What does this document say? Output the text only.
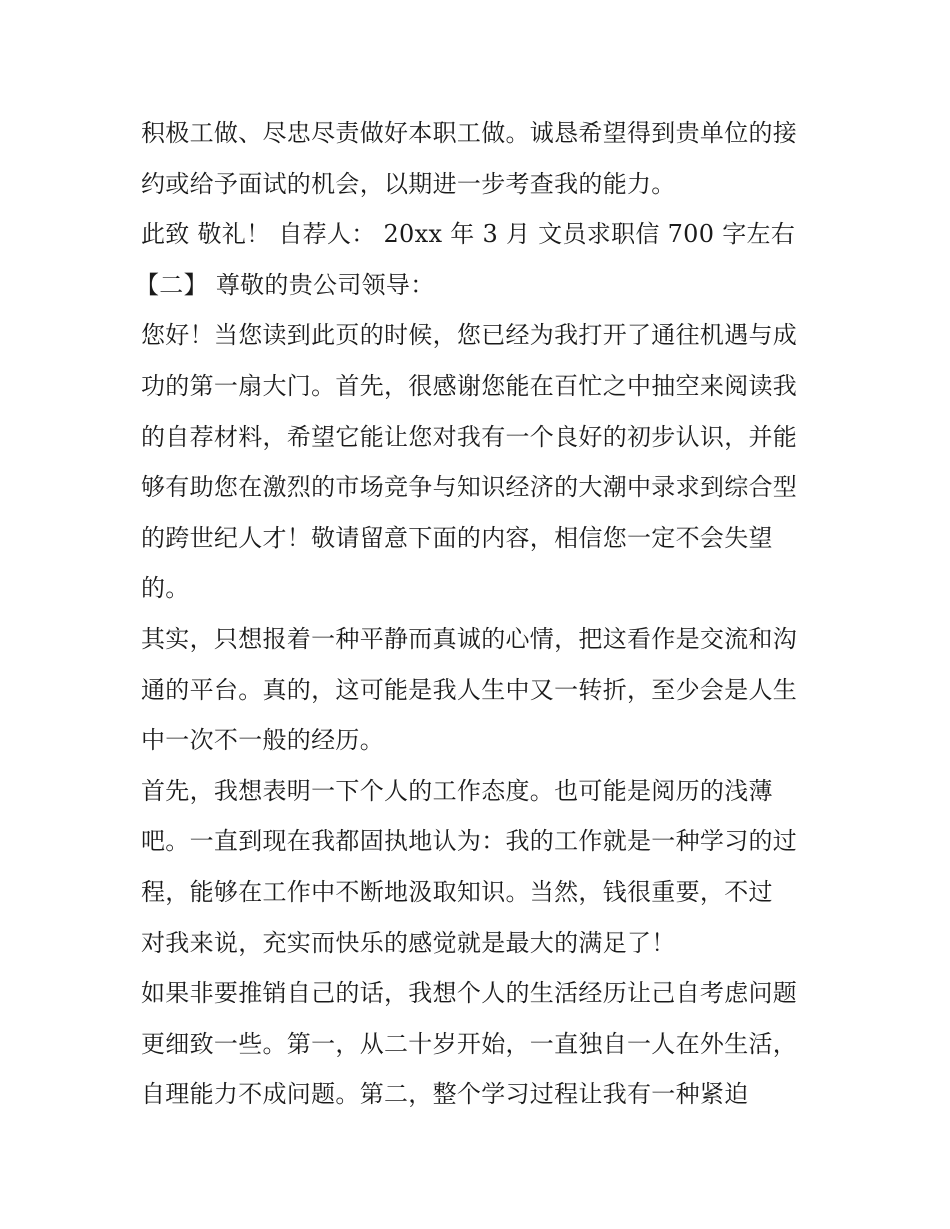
积极工做、尽忠尽责做好本职工做。诚恳希望得到贵单位的接
约或给予面试的机会，以期进一步考查我的能力。
此致 敬礼！ 自荐人： 20xx 年 3 月 文员求职信 700 字左右
【二】 尊敬的贵公司领导：
您好！当您读到此页的时候，您已经为我打开了通往机遇与成
功的第一扇大门。首先，很感谢您能在百忙之中抽空来阅读我
的自荐材料，希望它能让您对我有一个良好的初步认识，并能
够有助您在激烈的市场竞争与知识经济的大潮中录求到综合型
的跨世纪人才！敬请留意下面的内容，相信您一定不会失望
的。
其实，只想报着一种平静而真诚的心情，把这看作是交流和沟
通的平台。真的，这可能是我人生中又一转折，至少会是人生
中一次不一般的经历。
首先，我想表明一下个人的工作态度。也可能是阅历的浅薄
吧。一直到现在我都固执地认为：我的工作就是一种学习的过
程，能够在工作中不断地汲取知识。当然，钱很重要，不过
对我来说，充实而快乐的感觉就是最大的满足了！
如果非要推销自己的话，我想个人的生活经历让己自考虑问题
更细致一些。第一，从二十岁开始，一直独自一人在外生活，
自理能力不成问题。第二，整个学习过程让我有一种紧迫
